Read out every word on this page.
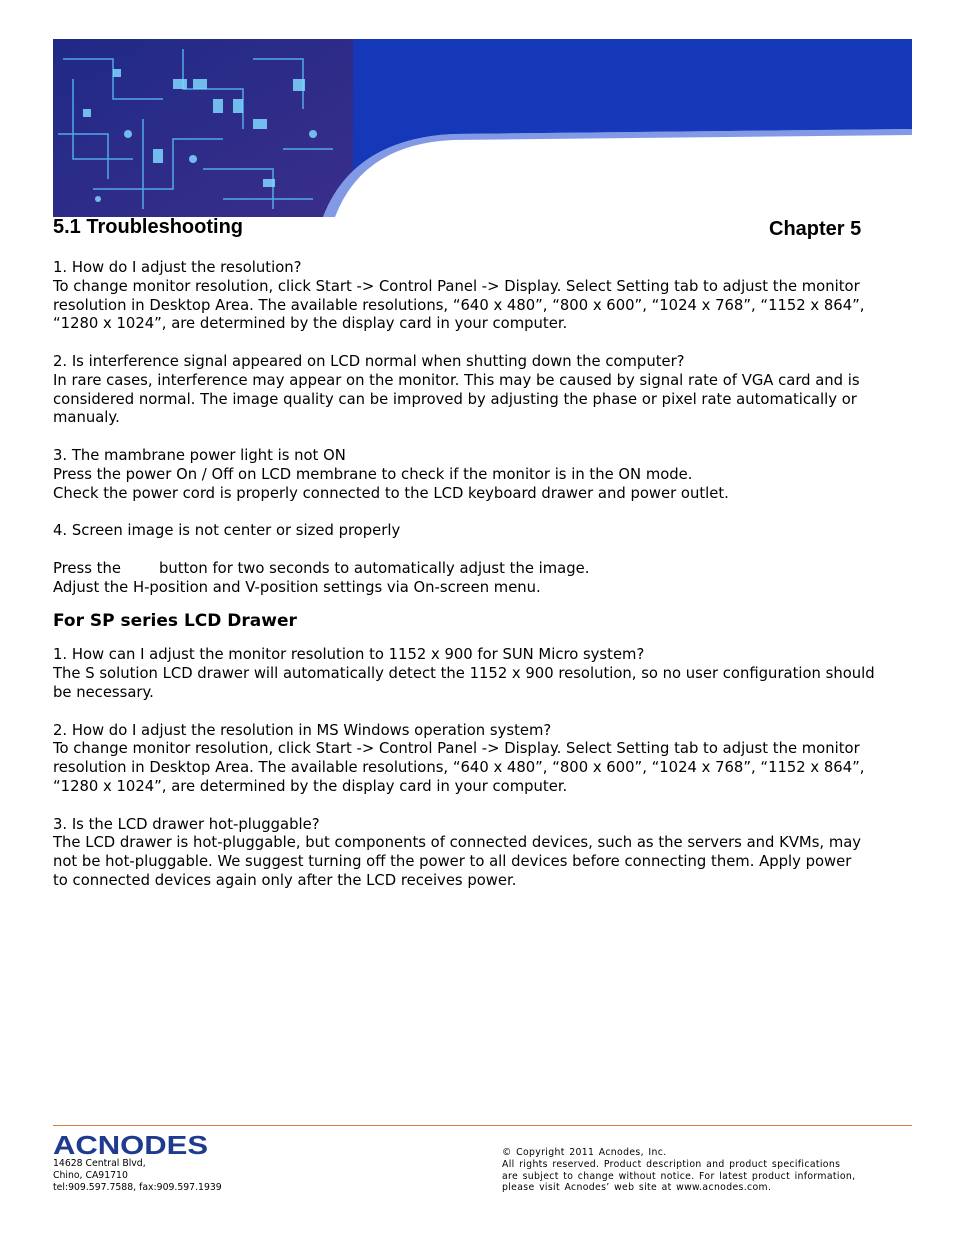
5.1 Troubleshooting	Chapter 5

1. How do I adjust the resolution?

To change monitor resolution, click Start -> Control Panel -> Display. Select Setting tab to adjust the monitor

resolution in Desktop Area. The available resolutions, “640 x 480”, “800 x 600”, “1024 x 768”, “1152 x 864”,

“1280 x 1024”, are determined by the display card in your computer.

2. Is interference signal appeared on LCD normal when shutting down the computer?

In rare cases, interference may appear on the monitor. This may be caused by signal rate of VGA card and is

considered normal. The image quality can be improved by adjusting the phase or pixel rate automatically or

manualy.

3. The mambrane power light is not ON

Press the power On / Off on LCD membrane to check if the monitor is in the ON mode.

Check the power cord is properly connected to the LCD keyboard drawer and power outlet.

4. Screen image is not center or sized properly

Press the	button for two seconds to automatically adjust the image.

Adjust the H-position and V-position settings via On-screen menu.

For SP series LCD Drawer

1. How can I adjust the monitor resolution to 1152 x 900 for SUN Micro system?

The S solution LCD drawer will automatically detect the 1152 x 900 resolution, so no user configuration should

be necessary.

2. How do I adjust the resolution in MS Windows operation system?

To change monitor resolution, click Start -> Control Panel -> Display. Select Setting tab to adjust the monitor

resolution in Desktop Area. The available resolutions, “640 x 480”, “800 x 600”, “1024 x 768”, “1152 x 864”,

“1280 x 1024”, are determined by the display card in your computer.

3. Is the LCD drawer hot-pluggable?

The LCD drawer is hot-pluggable, but components of connected devices, such as the servers and KVMs, may

not be hot-pluggable. We suggest turning off the power to all devices before connecting them. Apply power

to connected devices again only after the LCD receives power.

ACNODES
14628 Central Blvd,
Chino, CA91710
tel:909.597.7588, fax:909.597.1939
© Copyright 2011 Acnodes, Inc.
All rights reserved. Product description and product specifications
are subject to change without notice. For latest product information,
please visit Acnodes’ web site at www.acnodes.com.
